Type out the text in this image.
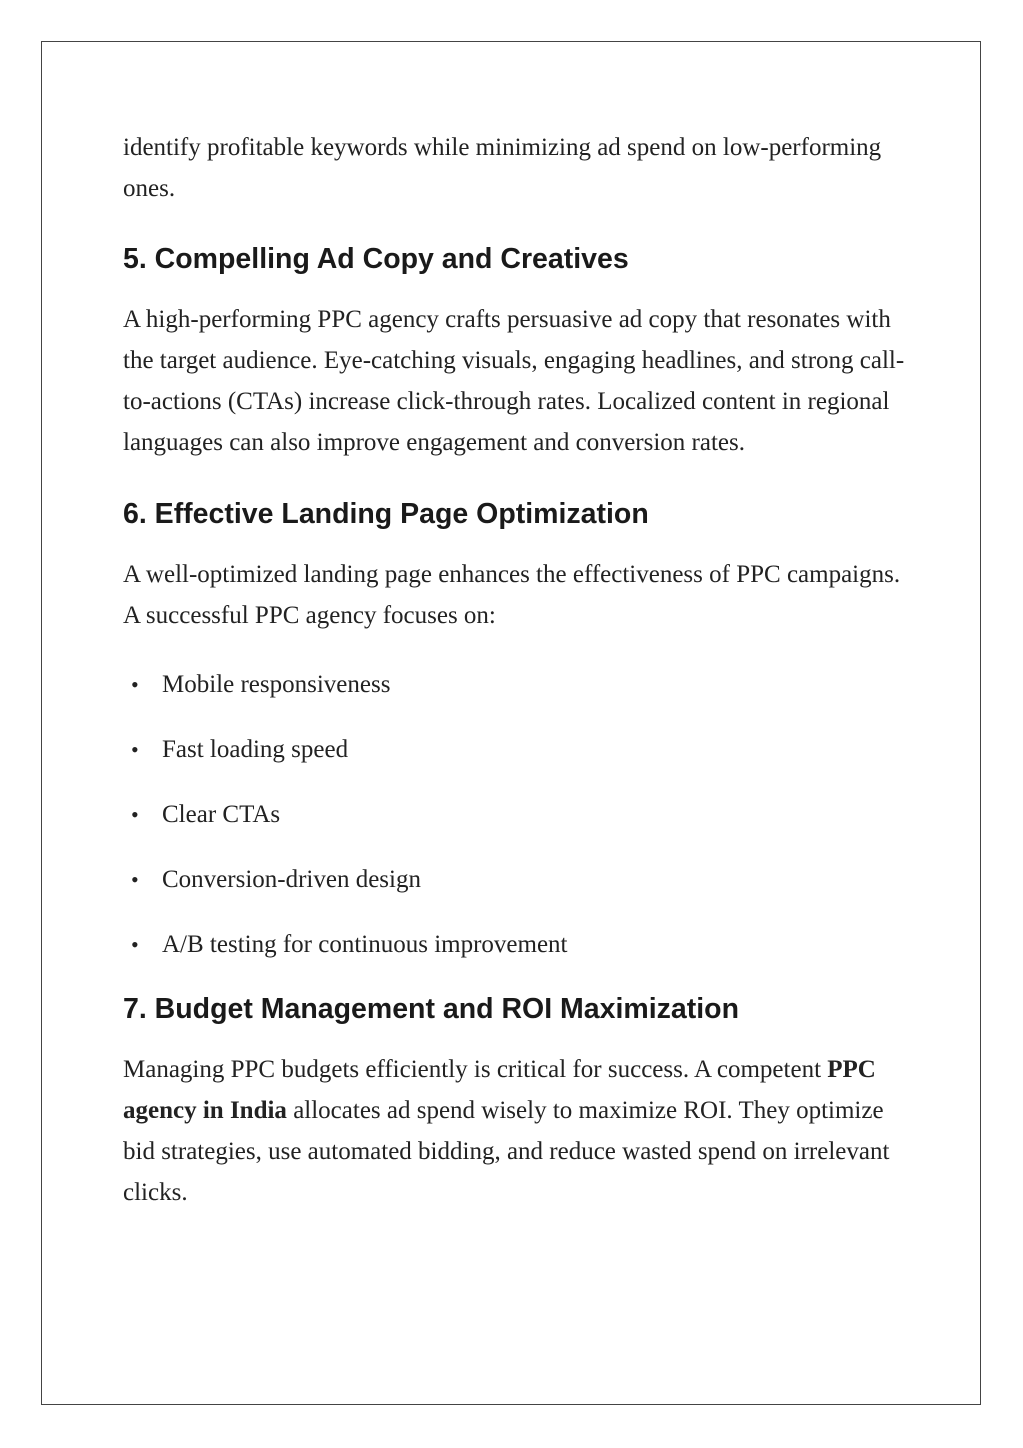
identify profitable keywords while minimizing ad spend on low-performing ones.

5. Compelling Ad Copy and Creatives

A high-performing PPC agency crafts persuasive ad copy that resonates with the target audience. Eye-catching visuals, engaging headlines, and strong call-to-actions (CTAs) increase click-through rates. Localized content in regional languages can also improve engagement and conversion rates.

6. Effective Landing Page Optimization

A well-optimized landing page enhances the effectiveness of PPC campaigns. A successful PPC agency focuses on:

• Mobile responsiveness
• Fast loading speed
• Clear CTAs
• Conversion-driven design
• A/B testing for continuous improvement
7. Budget Management and ROI Maximization

Managing PPC budgets efficiently is critical for success. A competent PPC agency in India allocates ad spend wisely to maximize ROI. They optimize bid strategies, use automated bidding, and reduce wasted spend on irrelevant clicks.
